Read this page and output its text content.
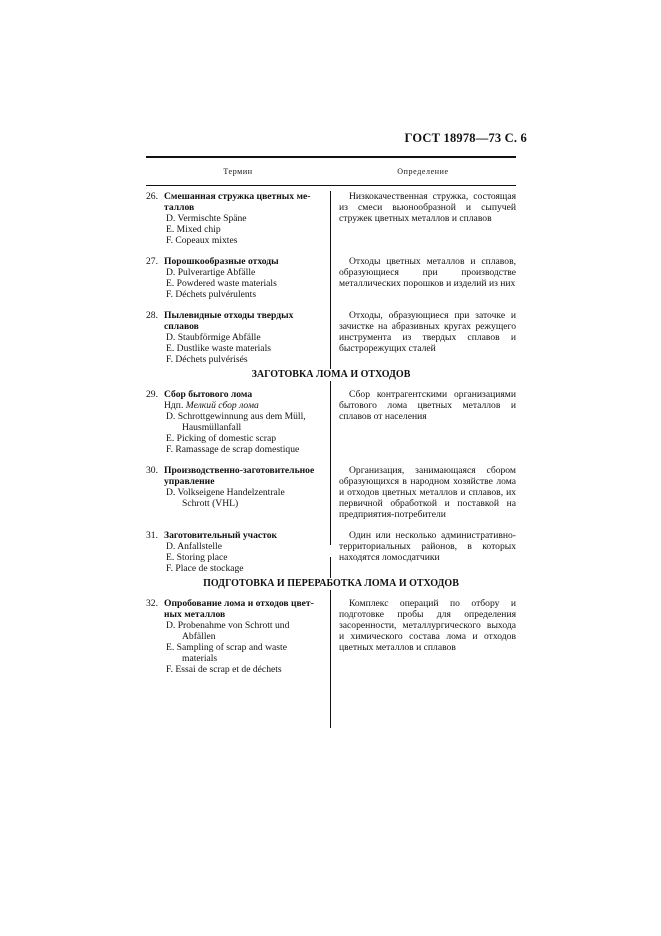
ГОСТ 18978—73 С. 6
Термин	Определение
26. Смешанная стружка цветных ме-
таллов
D. Vermischte Späne
E. Mixed chip
F. Copeaux mixtes
Низкокачественная стружка, состоящая из смеси вьюнообразной и сыпучей стружек цветных металлов и сплавов
27. Порошкообразные отходы
D. Pulverartige Abfälle
E. Powdered waste materials
F. Déchets pulvérulents
Отходы цветных металлов и сплавов, образующиеся при производстве металлических порошков и изделий из них
28. Пылевидные отходы твердых
сплавов
D. Staubförmige Abfälle
E. Dustlike waste materials
F. Déchets pulvérisés
Отходы, образующиеся при заточке и зачистке на абразивных кругах режущего инструмента из твердых сплавов и быстрорежущих сталей
ЗАГОТОВКА ЛОМА И ОТХОДОВ
29. Сбор бытового лома
Ндп. Мелкий сбор лома
D. Schrottgewinnung aus dem Müll,
Hausmüllanfall
E. Picking of domestic scrap
F. Ramassage de scrap domestique
Сбор контрагентскими организациями бытового лома цветных металлов и сплавов от населения
30. Производственно-заготовительное
управление
D. Volkseigene Handelzentrale
Schrott (VHL)
Организация, занимающаяся сбором образующихся в народном хозяйстве лома и отходов цветных металлов и сплавов, их первичной обработкой и поставкой на предприятия-потребители
31. Заготовительный участок
D. Anfallstelle
E. Storing place
F. Place de stockage
Один или несколько административно-территориальных районов, в которых находятся ломосдатчики
ПОДГОТОВКА И ПЕРЕРАБОТКА ЛОМА И ОТХОДОВ
32. Опробование лома и отходов цвет-
ных металлов
D. Probenahme von Schrott und
Abfällen
E. Sampling of scrap and waste
materials
F. Essai de scrap et de déchets
Комплекс операций по отбору и подготовке пробы для определения засоренности, металлургического выхода и химического состава лома и отходов цветных металлов и сплавов
